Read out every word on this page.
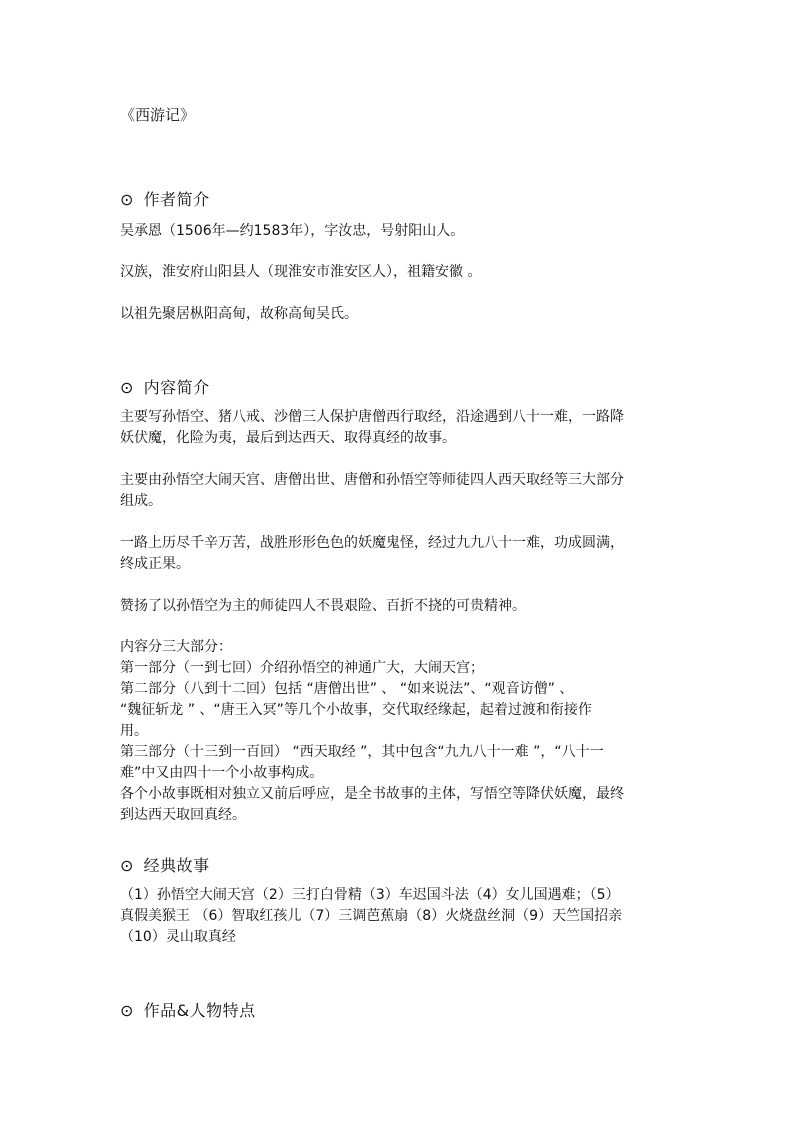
《西游记》
⊙ 作者简介
吴承恩（1506年—约1583年），字汝忠，号射阳山人。
汉族，淮安府山阳县人（现淮安市淮安区人），祖籍安徽 。
以祖先聚居枞阳高甸，故称高甸吴氏。
⊙ 内容简介
主要写孙悟空、猪八戒、沙僧三人保护唐僧西行取经，沿途遇到八十一难，一路降
妖伏魔，化险为夷，最后到达西天、取得真经的故事。
主要由孙悟空大闹天宫、唐僧出世、唐僧和孙悟空等师徒四人西天取经等三大部分
组成。
一路上历尽千辛万苦，战胜形形色色的妖魔鬼怪，经过九九八十一难，功成圆满，
终成正果。
赞扬了以孙悟空为主的师徒四人不畏艰险、百折不挠的可贵精神。
内容分三大部分：
第一部分（一到七回）介绍孙悟空的神通广大，大闹天宫；
第二部分（八到十二回）包括 “唐僧出世” 、 “如来说法”、“观音访僧” 、
“魏征斩龙 ” 、“唐王入冥”等几个小故事，交代取经缘起，起着过渡和衔接作
用。
第三部分（十三到一百回） “西天取经 ”，其中包含“九九八十一难 ”，“八十一
难”中又由四十一个小故事构成。
各个小故事既相对独立又前后呼应，是全书故事的主体，写悟空等降伏妖魔，最终
到达西天取回真经。
⊙ 经典故事
（1）孙悟空大闹天宫（2）三打白骨精（3）车迟国斗法（4）女儿国遇难；（5）
真假美猴王 （6）智取红孩儿（7）三调芭蕉扇（8）火烧盘丝洞（9）天竺国招亲
（10）灵山取真经
⊙ 作品&人物特点
